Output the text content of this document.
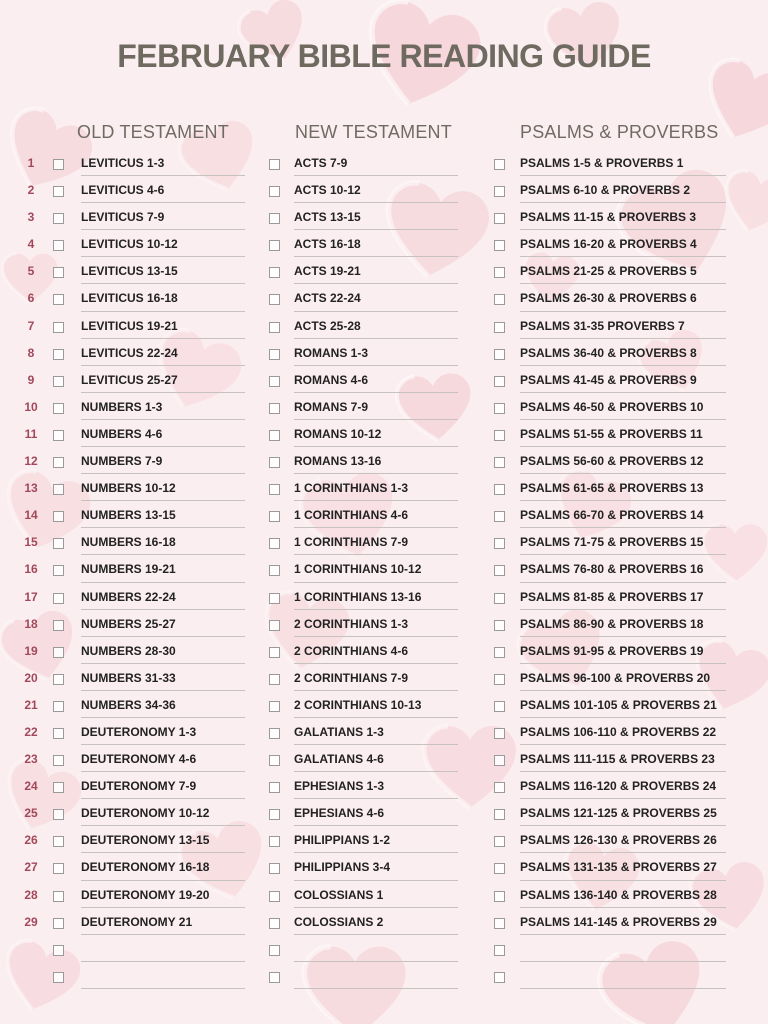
FEBRUARY BIBLE READING GUIDE
OLD TESTAMENT	NEW TESTAMENT	PSALMS & PROVERBS
1
2
3
4
5
6
7
8
9
10
11
12
13
14
15
16
17
18
19
20
21
22
23
24
25
26
27
28
29
LEVITICUS 1-3
LEVITICUS 4-6
LEVITICUS 7-9
LEVITICUS 10-12
LEVITICUS 13-15
LEVITICUS 16-18
LEVITICUS 19-21
LEVITICUS 22-24
LEVITICUS 25-27
NUMBERS 1-3
NUMBERS 4-6
NUMBERS 7-9
NUMBERS 10-12
NUMBERS 13-15
NUMBERS 16-18
NUMBERS 19-21
NUMBERS 22-24
NUMBERS 25-27
NUMBERS 28-30
NUMBERS 31-33
NUMBERS 34-36
DEUTERONOMY 1-3
DEUTERONOMY 4-6
DEUTERONOMY 7-9
DEUTERONOMY 10-12
DEUTERONOMY 13-15
DEUTERONOMY 16-18
DEUTERONOMY 19-20
DEUTERONOMY 21
ACTS 7-9
ACTS 10-12
ACTS 13-15
ACTS 16-18
ACTS 19-21
ACTS 22-24
ACTS 25-28
ROMANS 1-3
ROMANS 4-6
ROMANS 7-9
ROMANS 10-12
ROMANS 13-16
1 CORINTHIANS 1-3
1 CORINTHIANS 4-6
1 CORINTHIANS 7-9
1 CORINTHIANS 10-12
1 CORINTHIANS 13-16
2 CORINTHIANS 1-3
2 CORINTHIANS 4-6
2 CORINTHIANS 7-9
2 CORINTHIANS 10-13
GALATIANS 1-3
GALATIANS 4-6
EPHESIANS 1-3
EPHESIANS 4-6
PHILIPPIANS 1-2
PHILIPPIANS 3-4
COLOSSIANS 1
COLOSSIANS 2
PSALMS 1-5 & PROVERBS 1
PSALMS 6-10 & PROVERBS 2
PSALMS 11-15 & PROVERBS 3
PSALMS 16-20 & PROVERBS 4
PSALMS 21-25 & PROVERBS 5
PSALMS 26-30 & PROVERBS 6
PSALMS 31-35 PROVERBS 7
PSALMS 36-40 & PROVERBS 8
PSALMS 41-45 & PROVERBS 9
PSALMS 46-50 & PROVERBS 10
PSALMS 51-55 & PROVERBS 11
PSALMS 56-60 & PROVERBS 12
PSALMS 61-65 & PROVERBS 13
PSALMS 66-70 & PROVERBS 14
PSALMS 71-75 & PROVERBS 15
PSALMS 76-80 & PROVERBS 16
PSALMS 81-85 & PROVERBS 17
PSALMS 86-90 & PROVERBS 18
PSALMS 91-95 & PROVERBS 19
PSALMS 96-100 & PROVERBS 20
PSALMS 101-105 & PROVERBS 21
PSALMS 106-110 & PROVERBS 22
PSALMS 111-115 & PROVERBS 23
PSALMS 116-120 & PROVERBS 24
PSALMS 121-125 & PROVERBS 25
PSALMS 126-130 & PROVERBS 26
PSALMS 131-135 & PROVERBS 27
PSALMS 136-140 & PROVERBS 28
PSALMS 141-145 & PROVERBS 29
